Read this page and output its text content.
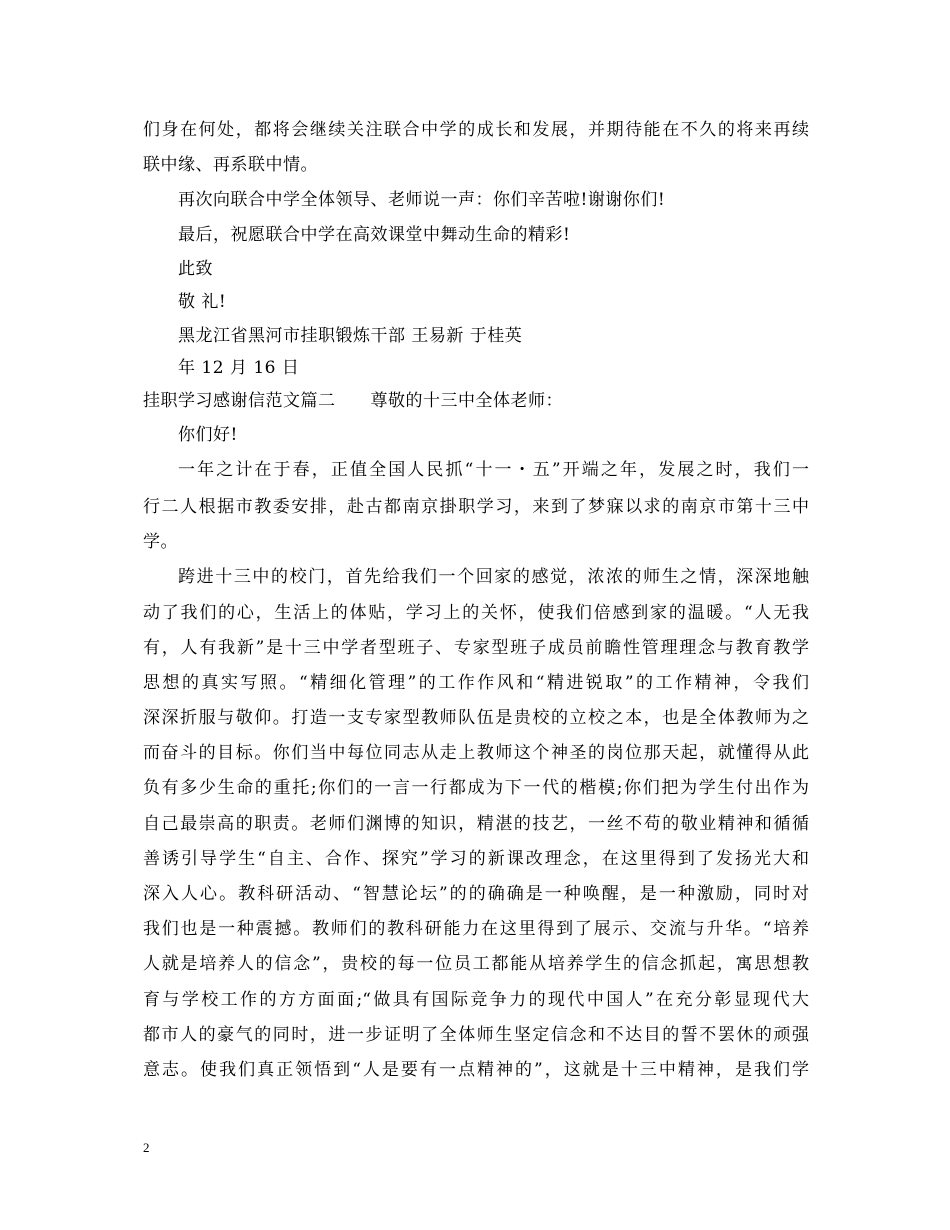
们身在何处，都将会继续关注联合中学的成长和发展，并期待能在不久的将来再续
联中缘、再系联中情。
再次向联合中学全体领导、老师说一声：你们辛苦啦!谢谢你们!
最后，祝愿联合中学在高效课堂中舞动生命的精彩!
此致
敬 礼!
黑龙江省黑河市挂职锻炼干部 王易新 于桂英
年 12 月 16 日
挂职学习感谢信范文篇二　　尊敬的十三中全体老师：
你们好!
一年之计在于春，正值全国人民抓“十一・五”开端之年，发展之时，我们一
行二人根据市教委安排，赴古都南京掛职学习，来到了梦寐以求的南京市第十三中
学。
跨进十三中的校门，首先给我们一个回家的感觉，浓浓的师生之情，深深地触
动了我们的心，生活上的体贴，学习上的关怀，使我们倍感到家的温暖。“人无我
有，人有我新”是十三中学者型班子、专家型班子成员前瞻性管理理念与教育教学
思想的真实写照。“精细化管理”的工作作风和“精进锐取”的工作精神，令我们
深深折服与敬仰。打造一支专家型教师队伍是贵校的立校之本，也是全体教师为之
而奋斗的目标。你们当中每位同志从走上教师这个神圣的岗位那天起，就懂得从此
负有多少生命的重托;你们的一言一行都成为下一代的楷模;你们把为学生付出作为
自己最崇高的职责。老师们渊博的知识，精湛的技艺，一丝不苟的敬业精神和循循
善诱引导学生“自主、合作、探究”学习的新课改理念，在这里得到了发扬光大和
深入人心。教科研活动、“智慧论坛”的的确确是一种唤醒，是一种激励，同时对
我们也是一种震撼。教师们的教科研能力在这里得到了展示、交流与升华。“培养
人就是培养人的信念”，贵校的每一位员工都能从培养学生的信念抓起，寓思想教
育与学校工作的方方面面;“做具有国际竞争力的现代中国人”在充分彰显现代大
都市人的豪气的同时，进一步证明了全体师生坚定信念和不达目的誓不罢休的顽强
意志。使我们真正领悟到“人是要有一点精神的”，这就是十三中精神，是我们学
2
